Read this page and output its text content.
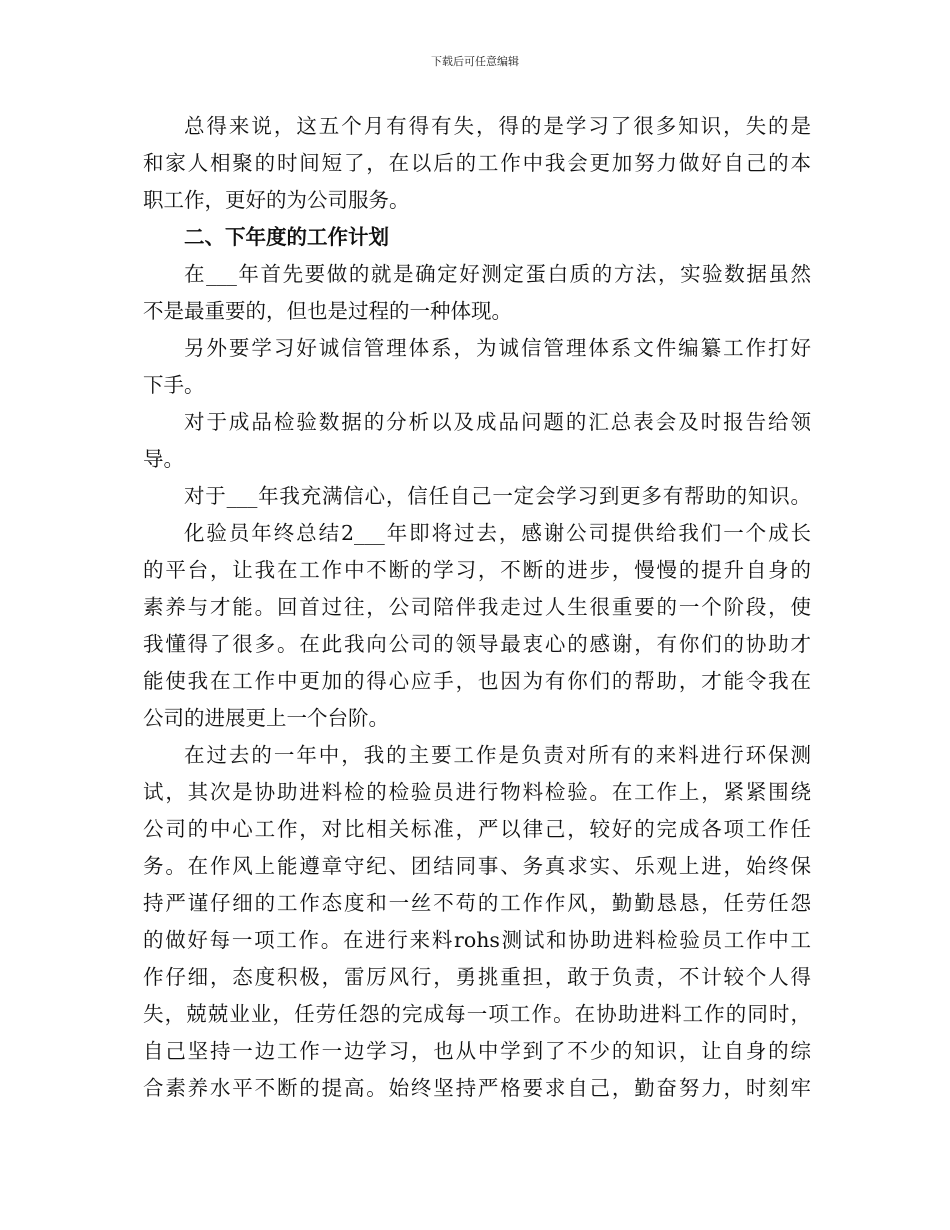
下载后可任意编辑
总得来说，这五个月有得有失，得的是学习了很多知识，失的是
和家人相聚的时间短了，在以后的工作中我会更加努力做好自己的本
职工作，更好的为公司服务。
二、下年度的工作计划
在___年首先要做的就是确定好测定蛋白质的方法，实验数据虽然
不是最重要的，但也是过程的一种体现。
另外要学习好诚信管理体系，为诚信管理体系文件编纂工作打好
下手。
对于成品检验数据的分析以及成品问题的汇总表会及时报告给领
导。
对于___年我充满信心，信任自己一定会学习到更多有帮助的知识。
化验员年终总结2___年即将过去，感谢公司提供给我们一个成长
的平台，让我在工作中不断的学习，不断的进步，慢慢的提升自身的
素养与才能。回首过往，公司陪伴我走过人生很重要的一个阶段，使
我懂得了很多。在此我向公司的领导最衷心的感谢，有你们的协助才
能使我在工作中更加的得心应手，也因为有你们的帮助，才能令我在
公司的进展更上一个台阶。
在过去的一年中，我的主要工作是负责对所有的来料进行环保测
试，其次是协助进料检的检验员进行物料检验。在工作上，紧紧围绕
公司的中心工作，对比相关标准，严以律己，较好的完成各项工作任
务。在作风上能遵章守纪、团结同事、务真求实、乐观上进，始终保
持严谨仔细的工作态度和一丝不苟的工作作风，勤勤恳恳，任劳任怨
的做好每一项工作。在进行来料rohs测试和协助进料检验员工作中工
作仔细，态度积极，雷厉风行，勇挑重担，敢于负责，不计较个人得
失，兢兢业业，任劳任怨的完成每一项工作。在协助进料工作的同时，
自己坚持一边工作一边学习，也从中学到了不少的知识，让自身的综
合素养水平不断的提高。始终坚持严格要求自己，勤奋努力，时刻牢
